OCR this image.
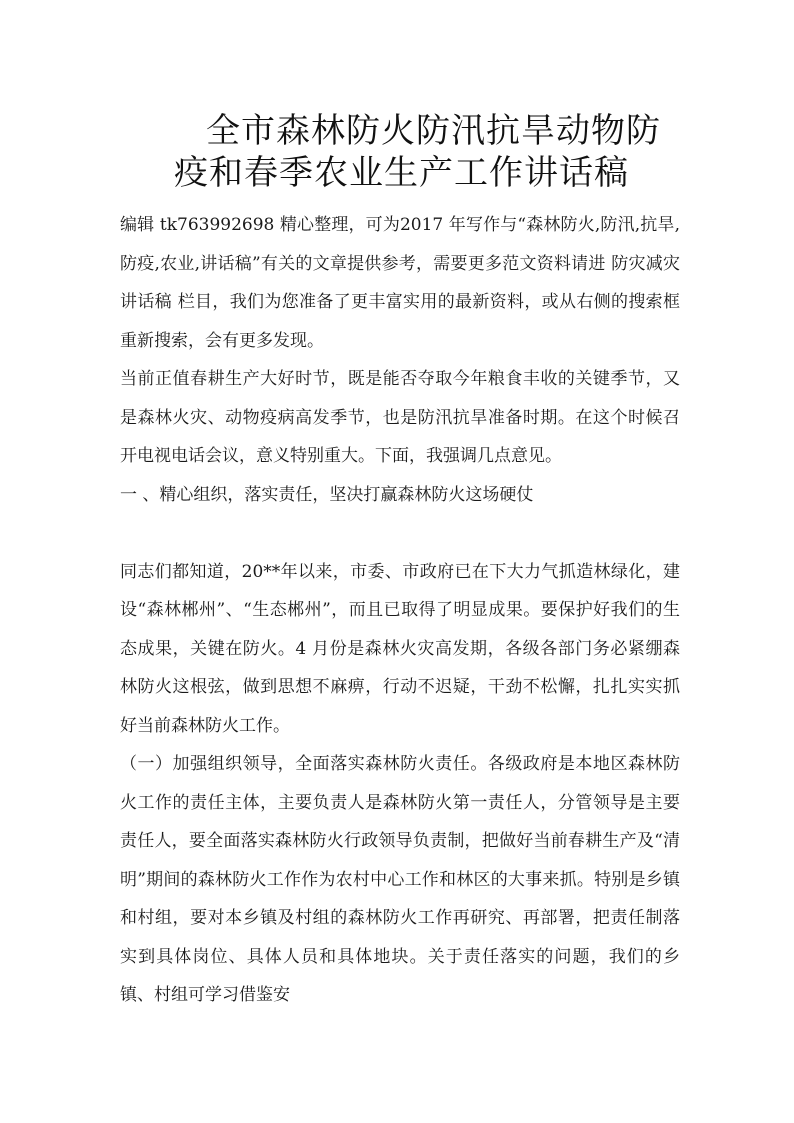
全市森林防火防汛抗旱动物防
疫和春季农业生产工作讲话稿

编辑 tk763992698 精心整理，可为2017 年写作与“森林防火,防汛,抗旱,防疫,农业,讲话稿”有关的文章提供参考，需要更多范文资料请进 防灾减灾讲话稿 栏目，我们为您准备了更丰富实用的最新资料，或从右侧的搜索框重新搜索，会有更多发现。

当前正值春耕生产大好时节，既是能否夺取今年粮食丰收的关键季节，又是森林火灾、动物疫病高发季节，也是防汛抗旱准备时期。在这个时候召开电视电话会议，意义特别重大。下面，我强调几点意见。

一 、精心组织，落实责任，坚决打赢森林防火这场硬仗

同志们都知道，20**年以来，市委、市政府已在下大力气抓造林绿化，建设“森林郴州”、“生态郴州”，而且已取得了明显成果。要保护好我们的生态成果，关键在防火。4 月份是森林火灾高发期，各级各部门务必紧绷森林防火这根弦，做到思想不麻痹，行动不迟疑，干劲不松懈，扎扎实实抓好当前森林防火工作。

（一）加强组织领导，全面落实森林防火责任。各级政府是本地区森林防火工作的责任主体，主要负责人是森林防火第一责任人，分管领导是主要责任人，要全面落实森林防火行政领导负责制，把做好当前春耕生产及“清明”期间的森林防火工作作为农村中心工作和林区的大事来抓。特别是乡镇和村组，要对本乡镇及村组的森林防火工作再研究、再部署，把责任制落实到具体岗位、具体人员和具体地块。关于责任落实的问题，我们的乡镇、村组可学习借鉴安
